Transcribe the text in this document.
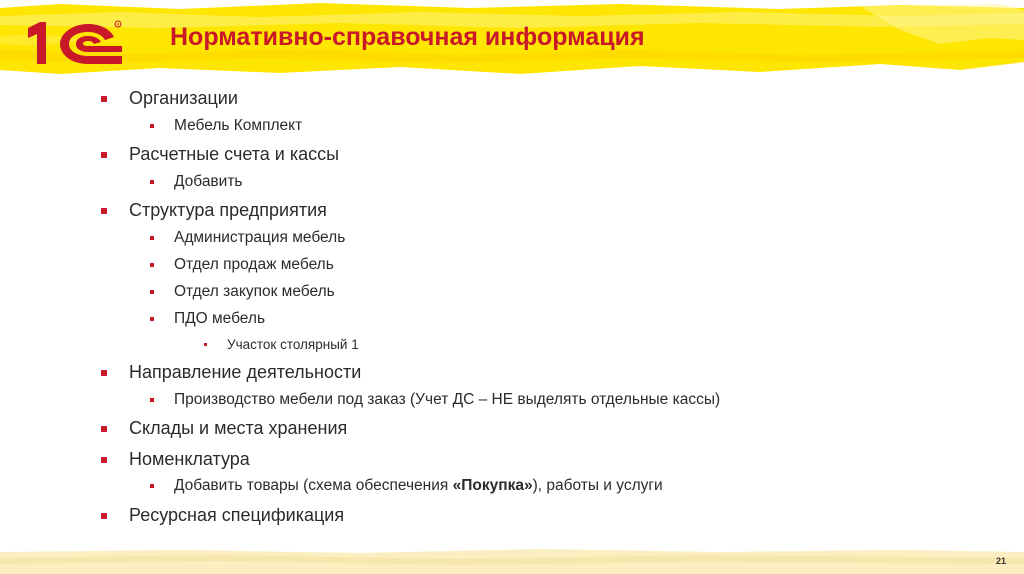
R Нормативно-справочная информация
Организации
Мебель Комплект
Расчетные счета и кассы
Добавить
Структура предприятия
Администрация мебель
Отдел продаж мебель
Отдел закупок мебель
ПДО мебель
Участок столярный 1
Направление деятельности
Производство мебели под заказ (Учет ДС – НЕ выделять отдельные кассы)
Склады и места хранения
Номенклатура
Добавить товары (схема обеспечения «Покупка»), работы и услуги
Ресурсная спецификация
21
